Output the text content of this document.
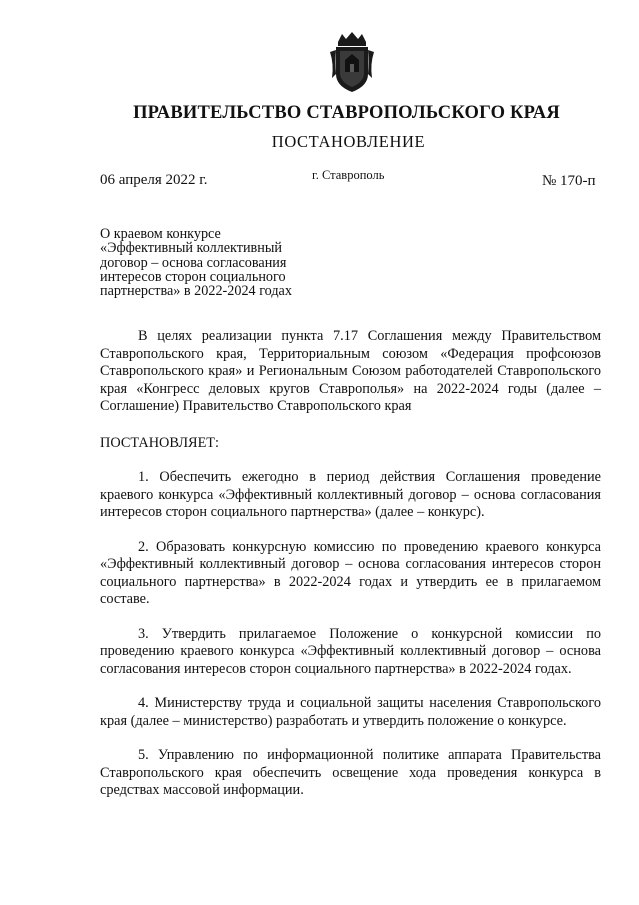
ПРАВИТЕЛЬСТВО СТАВРОПОЛЬСКОГО КРАЯ
ПОСТАНОВЛЕНИЕ
06 апреля 2022 г.	г. Ставрополь	№ 170-п
О краевом конкурсе
«Эффективный коллективный
договор – основа согласования
интересов сторон социального
партнерства» в 2022-2024 годах

В целях реализации пункта 7.17 Соглашения между Правительством Ставропольского края, Территориальным союзом «Федерация профсоюзов Ставропольского края» и Региональным Союзом работодателей Ставропольского края «Конгресс деловых кругов Ставрополья» на 2022-2024 годы (далее – Соглашение) Правительство Ставропольского края

ПОСТАНОВЛЯЕТ:

1. Обеспечить ежегодно в период действия Соглашения проведение краевого конкурса «Эффективный коллективный договор – основа согласования интересов сторон социального партнерства» (далее – конкурс).

2. Образовать конкурсную комиссию по проведению краевого конкурса «Эффективный коллективный договор – основа согласования интересов сторон социального партнерства» в 2022-2024 годах и утвердить ее в прилагаемом составе.

3. Утвердить прилагаемое Положение о конкурсной комиссии по проведению краевого конкурса «Эффективный коллективный договор – основа согласования интересов сторон социального партнерства» в 2022-2024 годах.

4. Министерству труда и социальной защиты населения Ставропольского края (далее – министерство) разработать и утвердить положение о конкурсе.

5. Управлению по информационной политике аппарата Правительства Ставропольского края обеспечить освещение хода проведения конкурса в средствах массовой информации.
